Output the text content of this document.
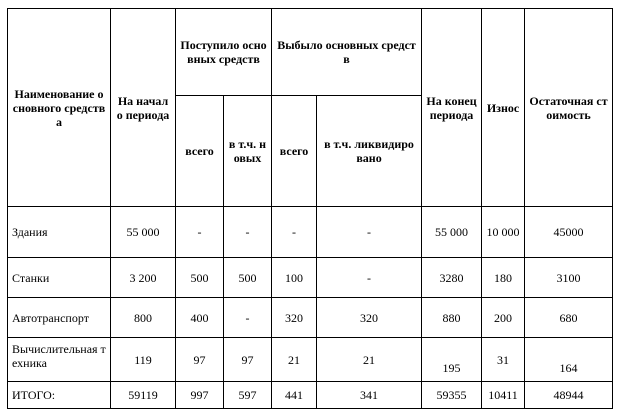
Наименование основного средства	На начало периода	Поступило основных средств		Выбыло основных средств		На конец периода	Износ	Остаточная стоимость
		всего	в т.ч. новых	всего	в т.ч. ликвидировано			
Здания	55 000	-	-	-	-	55 000	10 000	45000
Станки	3 200	500	500	100	-	3280	180	3100
Автотранспорт	800	400	-	320	320	880	200	680
Вычислительная техника	119	97	97	21	21	195	31	164
ИТОГО:	59119	997	597	441	341	59355	10411	48944
